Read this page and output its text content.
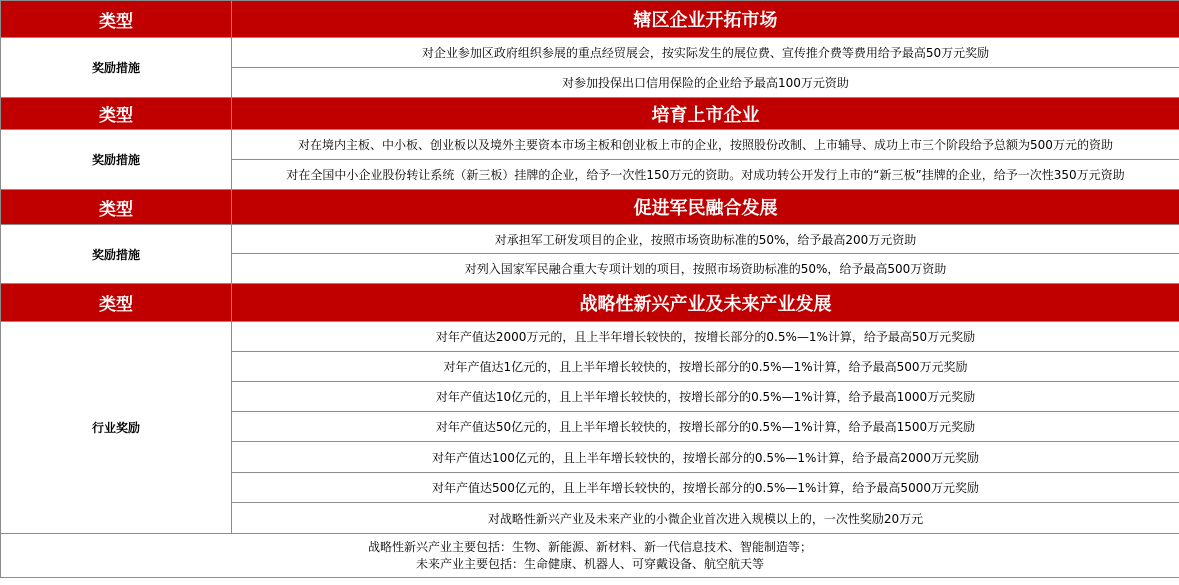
类型	辖区企业开拓市场
奖励措施	对企业参加区政府组织参展的重点经贸展会，按实际发生的展位费、宣传推介费等费用给予最高50万元奖励
	对参加投保出口信用保险的企业给予最高100万元资助
类型	培育上市企业
奖励措施	对在境内主板、中小板、创业板以及境外主要资本市场主板和创业板上市的企业，按照股份改制、上市辅导、成功上市三个阶段给予总额为500万元的资助
	对在全国中小企业股份转让系统（新三板）挂牌的企业，给予一次性150万元的资助。对成功转公开发行上市的“新三板”挂牌的企业，给予一次性350万元资助
类型	促进军民融合发展
奖励措施	对承担军工研发项目的企业，按照市场资助标准的50%，给予最高200万元资助
	对列入国家军民融合重大专项计划的项目，按照市场资助标准的50%，给予最高500万资助
类型	战略性新兴产业及未来产业发展
行业奖励	对年产值达2000万元的，且上半年增长较快的，按增长部分的0.5%—1%计算，给予最高50万元奖励
	对年产值达1亿元的，且上半年增长较快的，按增长部分的0.5%—1%计算，给予最高500万元奖励
	对年产值达10亿元的，且上半年增长较快的，按增长部分的0.5%—1%计算，给予最高1000万元奖励
	对年产值达50亿元的，且上半年增长较快的，按增长部分的0.5%—1%计算，给予最高1500万元奖励
	对年产值达100亿元的，且上半年增长较快的，按增长部分的0.5%—1%计算，给予最高2000万元奖励
	对年产值达500亿元的，且上半年增长较快的，按增长部分的0.5%—1%计算，给予最高5000万元奖励
	对战略性新兴产业及未来产业的小微企业首次进入规模以上的，一次性奖励20万元

战略性新兴产业主要包括：生物、新能源、新材料、新一代信息技术、智能制造等；
未来产业主要包括：生命健康、机器人、可穿戴设备、航空航天等	
